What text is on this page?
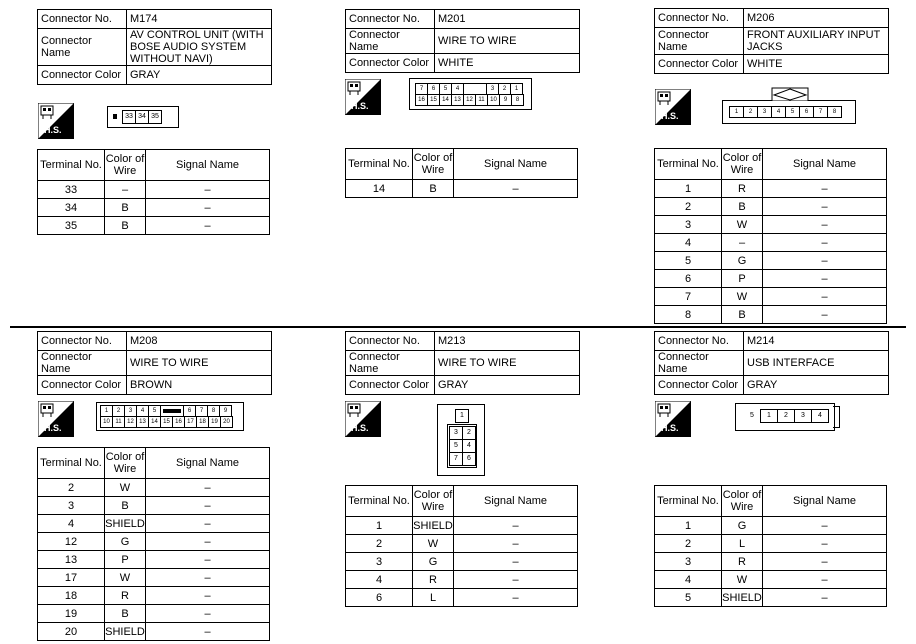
Connector No.	M174
Connector Name	AV CONTROL UNIT (WITH BOSE AUDIO SYSTEM WITHOUT NAVI)
Connector Color	GRAY
H.S.
33 34 35
Terminal No.	Color of Wire	Signal Name
33	–	–
34	B	–
35	B	–
Connector No.	M201
Connector Name	WIRE TO WIRE
Connector Color	WHITE
H.S.
7	6	5	4	3	2	1
16 15 14 13 12 11 10	9	8
Terminal No.	Color of Wire	Signal Name
14	B	–
Connector No.	M206
Connector Name	FRONT AUXILIARY INPUT JACKS
Connector Color	WHITE
H.S.	1	2	3	4	5	6	7	8
Terminal No.	Color of Wire	Signal Name
1	R	–
2	B	–
3	W	–
4	–	–
5	G	–
6	P	–
7	W	–
8	B	–
Connector No.	M208
Connector Name	WIRE TO WIRE
Connector Color	BROWN
H.S.
1	2	3	4	5	6	7	8	9
10 11 12 13 14 15 16 17 18 19 20
Terminal No.	Color of Wire	Signal Name
2	W	–
3	B	–
4	SHIELD	–
12	G	–
13	P	–
17	W	–
18	R	–
19	B	–
20	SHIELD	–
Connector No.	M213
Connector Name	WIRE TO WIRE
Connector Color	GRAY
H.S.
1
3	2
5	4
7	6
Terminal No.	Color of Wire	Signal Name
1	SHIELD	–
2	W	–
3	G	–
4	R	–
6	L	–
Connector No.	M214
Connector Name	USB INTERFACE
Connector Color	GRAY
H.S.
5	1	2	3	4
Terminal No.	Color of Wire	Signal Name
1	G	–
2	L	–
3	R	–
4	W	–
5	SHIELD	–
